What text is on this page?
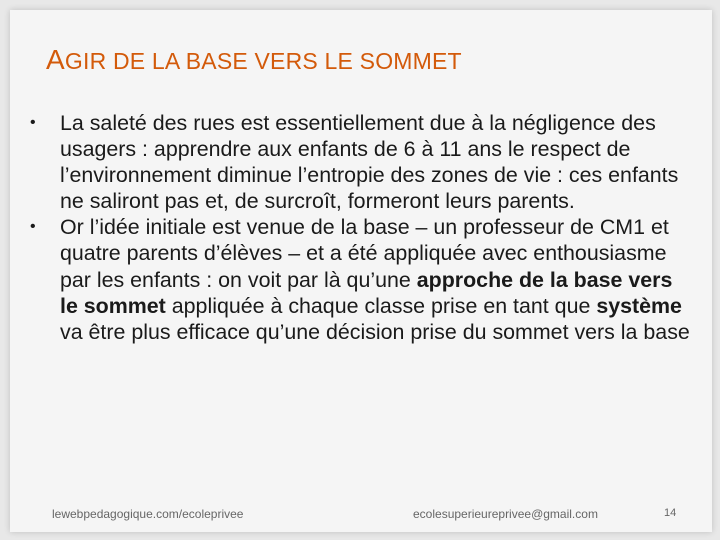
AGIR DE LA BASE VERS LE SOMMET
•	La saleté des rues est essentiellement due à la négligence des usagers : apprendre aux enfants de 6 à 11 ans le respect de l’environnement diminue l’entropie des zones de vie : ces enfants ne saliront pas et, de surcroît, formeront leurs parents.
•	Or l’idée initiale est venue de la base – un professeur de CM1 et quatre parents d’élèves – et a été appliquée avec enthousiasme par les enfants : on voit par là qu’une approche de la base vers le sommet appliquée à chaque classe prise en tant que système va être plus efficace qu’une décision prise du sommet vers la base
lewebpedagogique.com/ecoleprivee	ecolesuperieureprivee@gmail.com	14
